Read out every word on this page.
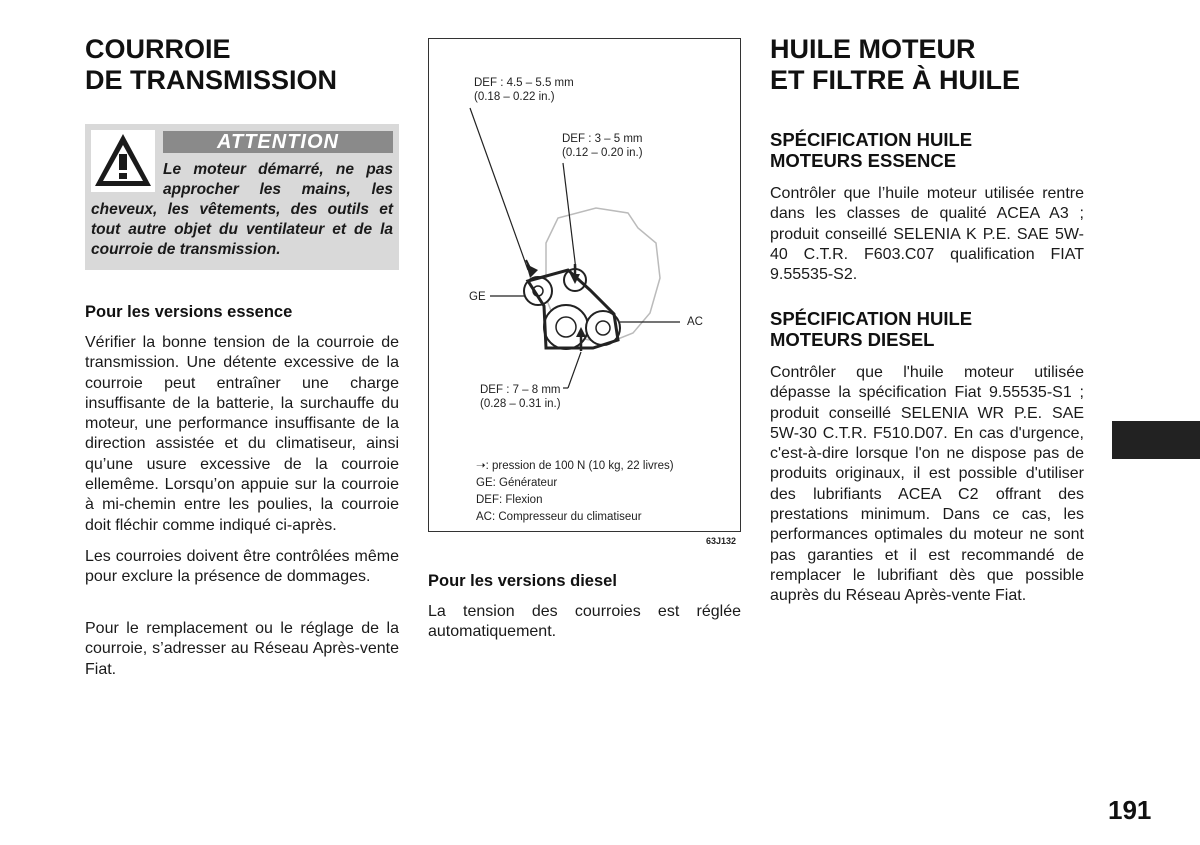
COURROIE
DE TRANSMISSION
ATTENTION

Le moteur démarré, ne pas approcher les mains, les cheveux, les vêtements, des outils et tout autre objet du ventilateur et de la courroie de transmission.

Pour les versions essence

Vérifier la bonne tension de la courroie de transmission. Une détente excessive de la courroie peut entraîner une charge insuffisante de la batterie, la surchauffe du moteur, une performance insuffisante de la direction assistée et du climatiseur, ainsi qu’une usure excessive de la courroie ellemême. Lorsqu’on appuie sur la courroie à mi-chemin entre les poulies, la courroie doit fléchir comme indiqué ci-après.

Les courroies doivent être contrôlées même pour exclure la présence de dommages.

Pour le remplacement ou le réglage de la courroie, s’adresser au Réseau Après-vente Fiat.

DEF : 4.5 – 5.5 mm
(0.18 – 0.22 in.)
DEF : 3 – 5 mm
(0.12 – 0.20 in.)
GE
AC
DEF : 7 – 8 mm
(0.28 – 0.31 in.)
➝: pression de 100 N (10 kg, 22 livres)
GE: Générateur
DEF: Flexion
AC: Compresseur du climatiseur
63J132
Pour les versions diesel

La tension des courroies est réglée automatiquement.

HUILE MOTEUR
ET FILTRE À HUILE
SPÉCIFICATION HUILE
MOTEURS ESSENCE

Contrôler que l’huile moteur utilisée rentre dans les classes de qualité ACEA A3 ; produit conseillé SELENIA K P.E. SAE 5W-40 C.T.R. F603.C07 qualification FIAT 9.55535-S2.

SPÉCIFICATION HUILE
MOTEURS DIESEL

Contrôler que l'huile moteur utilisée dépasse la spécification Fiat 9.55535-S1 ; produit conseillé SELENIA WR P.E. SAE 5W-30 C.T.R. F510.D07. En cas d'urgence, c'est-à-dire lorsque l'on ne dispose pas de produits originaux, il est possible d'utiliser des lubrifiants ACEA C2 offrant des prestations minimum. Dans ce cas, les performances optimales du moteur ne sont pas garanties et il est recommandé de remplacer le lubrifiant dès que possible auprès du Réseau Après-vente Fiat.

191
